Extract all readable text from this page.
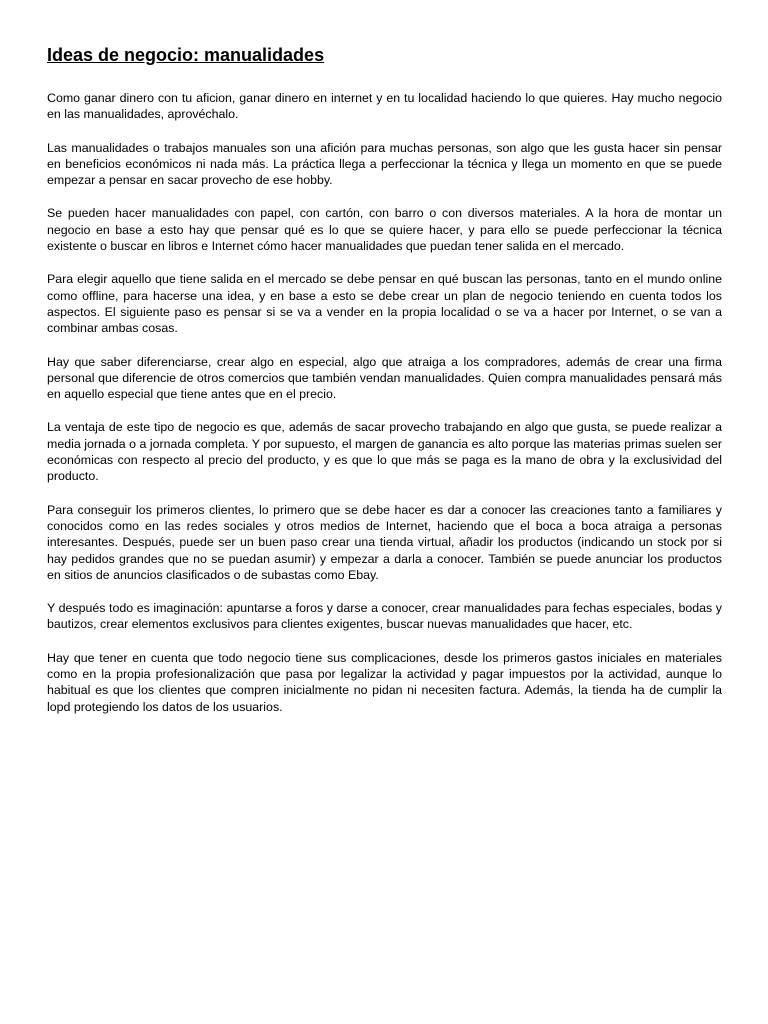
Ideas de negocio: manualidades

Como ganar dinero con tu aficion, ganar dinero en internet y en tu localidad haciendo lo que quieres. Hay mucho negocio en las manualidades, aprovéchalo.

Las manualidades o trabajos manuales son una afición para muchas personas, son algo que les gusta hacer sin pensar en beneficios económicos ni nada más. La práctica llega a perfeccionar la técnica y llega un momento en que se puede empezar a pensar en sacar provecho de ese hobby.

Se pueden hacer manualidades con papel, con cartón, con barro o con diversos materiales. A la hora de montar un negocio en base a esto hay que pensar qué es lo que se quiere hacer, y para ello se puede perfeccionar la técnica existente o buscar en libros e Internet cómo hacer manualidades que puedan tener salida en el mercado.

Para elegir aquello que tiene salida en el mercado se debe pensar en qué buscan las personas, tanto en el mundo online como offline, para hacerse una idea, y en base a esto se debe crear un plan de negocio teniendo en cuenta todos los aspectos. El siguiente paso es pensar si se va a vender en la propia localidad o se va a hacer por Internet, o se van a combinar ambas cosas.

Hay que saber diferenciarse, crear algo en especial, algo que atraiga a los compradores, además de crear una firma personal que diferencie de otros comercios que también vendan manualidades. Quien compra manualidades pensará más en aquello especial que tiene antes que en el precio.

La ventaja de este tipo de negocio es que, además de sacar provecho trabajando en algo que gusta, se puede realizar a media jornada o a jornada completa. Y por supuesto, el margen de ganancia es alto porque las materias primas suelen ser económicas con respecto al precio del producto, y es que lo que más se paga es la mano de obra y la exclusividad del producto.

Para conseguir los primeros clientes, lo primero que se debe hacer es dar a conocer las creaciones tanto a familiares y conocidos como en las redes sociales y otros medios de Internet, haciendo que el boca a boca atraiga a personas interesantes. Después, puede ser un buen paso crear una tienda virtual, añadir los productos (indicando un stock por si hay pedidos grandes que no se puedan asumir) y empezar a darla a conocer. También se puede anunciar los productos en sitios de anuncios clasificados o de subastas como Ebay.

Y después todo es imaginación: apuntarse a foros y darse a conocer, crear manualidades para fechas especiales, bodas y bautizos, crear elementos exclusivos para clientes exigentes, buscar nuevas manualidades que hacer, etc.

Hay que tener en cuenta que todo negocio tiene sus complicaciones, desde los primeros gastos iniciales en materiales como en la propia profesionalización que pasa por legalizar la actividad y pagar impuestos por la actividad, aunque lo habitual es que los clientes que compren inicialmente no pidan ni necesiten factura. Además, la tienda ha de cumplir la lopd protegiendo los datos de los usuarios.
